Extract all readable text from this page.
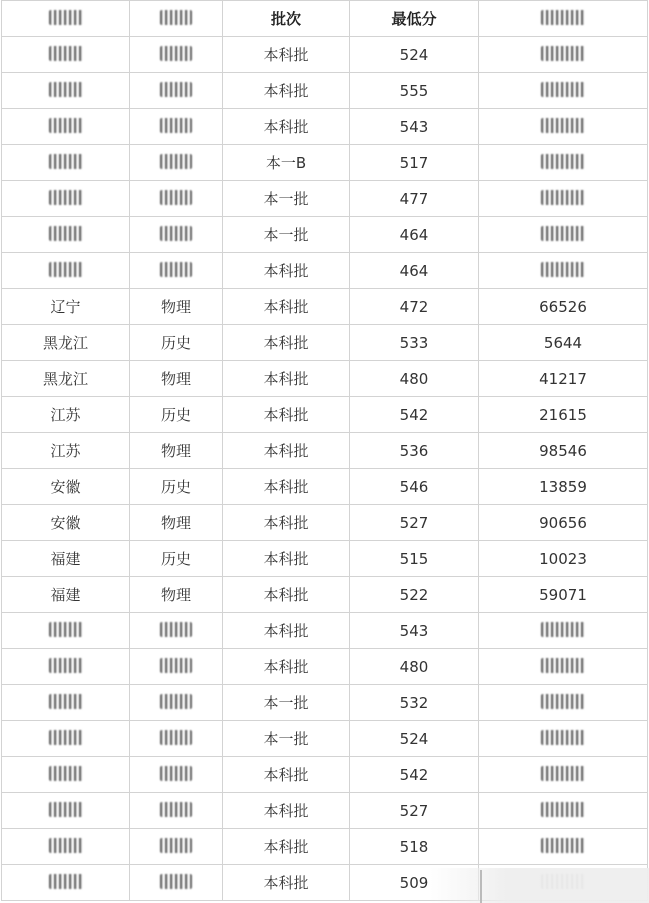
		批次	最低分	
		本科批	524	
		本科批	555	
		本科批	543	
		本一B	517	
		本一批	477	
		本一批	464	
		本科批	464	
辽宁	物理	本科批	472	66526
黑龙江	历史	本科批	533	5644
黑龙江	物理	本科批	480	41217
江苏	历史	本科批	542	21615
江苏	物理	本科批	536	98546
安徽	历史	本科批	546	13859
安徽	物理	本科批	527	90656
福建	历史	本科批	515	10023
福建	物理	本科批	522	59071
		本科批	543	
		本科批	480	
		本一批	532	
		本一批	524	
		本科批	542	
		本科批	527	
		本科批	518	
		本科批	509	
